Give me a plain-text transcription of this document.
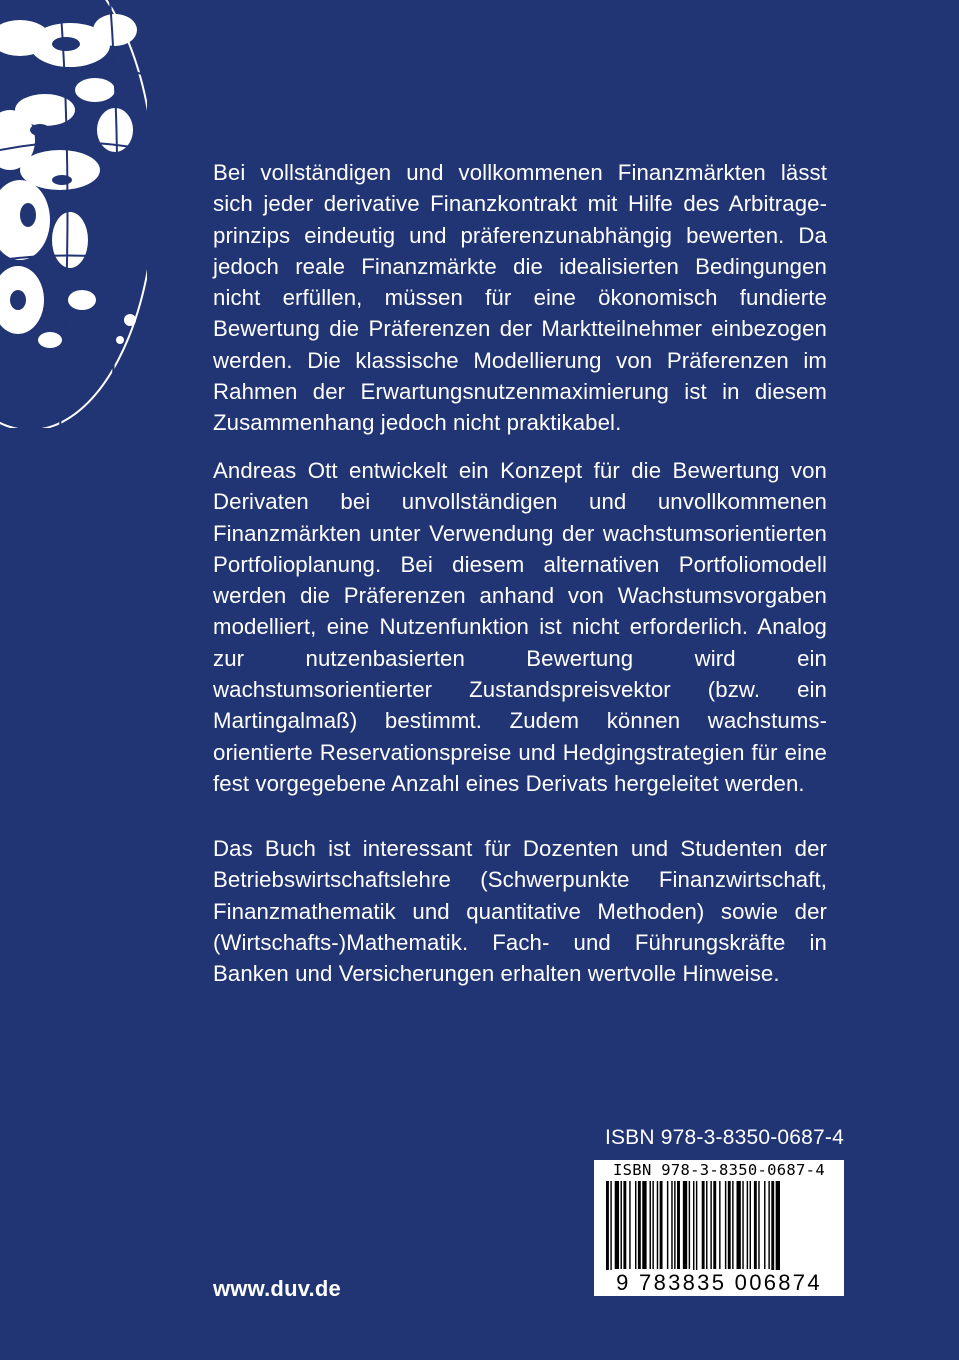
Bei vollständigen und vollkommenen Finanzmärkten lässt sich jeder derivative Finanzkontrakt mit Hilfe des Arbitrageprinzips eindeutig und präferenzunabhängig bewerten. Da jedoch reale Finanzmärkte die idealisierten Bedingungen nicht erfüllen, müssen für eine ökonomisch fundierte Bewertung die Präferenzen der Marktteilnehmer einbezogen werden. Die klassische Modellierung von Präferenzen im Rahmen der Erwartungsnutzenmaximierung ist in diesem Zusammenhang jedoch nicht praktikabel.

Andreas Ott entwickelt ein Konzept für die Bewertung von Derivaten bei unvollständigen und unvollkommenen Finanzmärkten unter Verwendung der wachstumsorientierten Portfolioplanung. Bei diesem alternativen Portfoliomodell werden die Präferenzen anhand von Wachstumsvorgaben modelliert, eine Nutzenfunktion ist nicht erforderlich. Analog zur nutzenbasierten Bewertung wird ein wachstumsorientierter Zustandspreisvektor (bzw. ein Martingalmaß) bestimmt. Zudem können wachstumsorientierte Reservationspreise und Hedgingstrategien für eine fest vorgegebene Anzahl eines Derivats hergeleitet werden.

Das Buch ist interessant für Dozenten und Studenten der Betriebswirtschaftslehre (Schwerpunkte Finanzwirtschaft, Finanzmathematik und quantitative Methoden) sowie der (Wirtschafts-)Mathematik. Fach- und Führungskräfte in Banken und Versicherungen erhalten wertvolle Hinweise.

ISBN 978-3-8350-0687-4
ISBN 978-3-8350-0687-4
9 783835 006874
www.duv.de
